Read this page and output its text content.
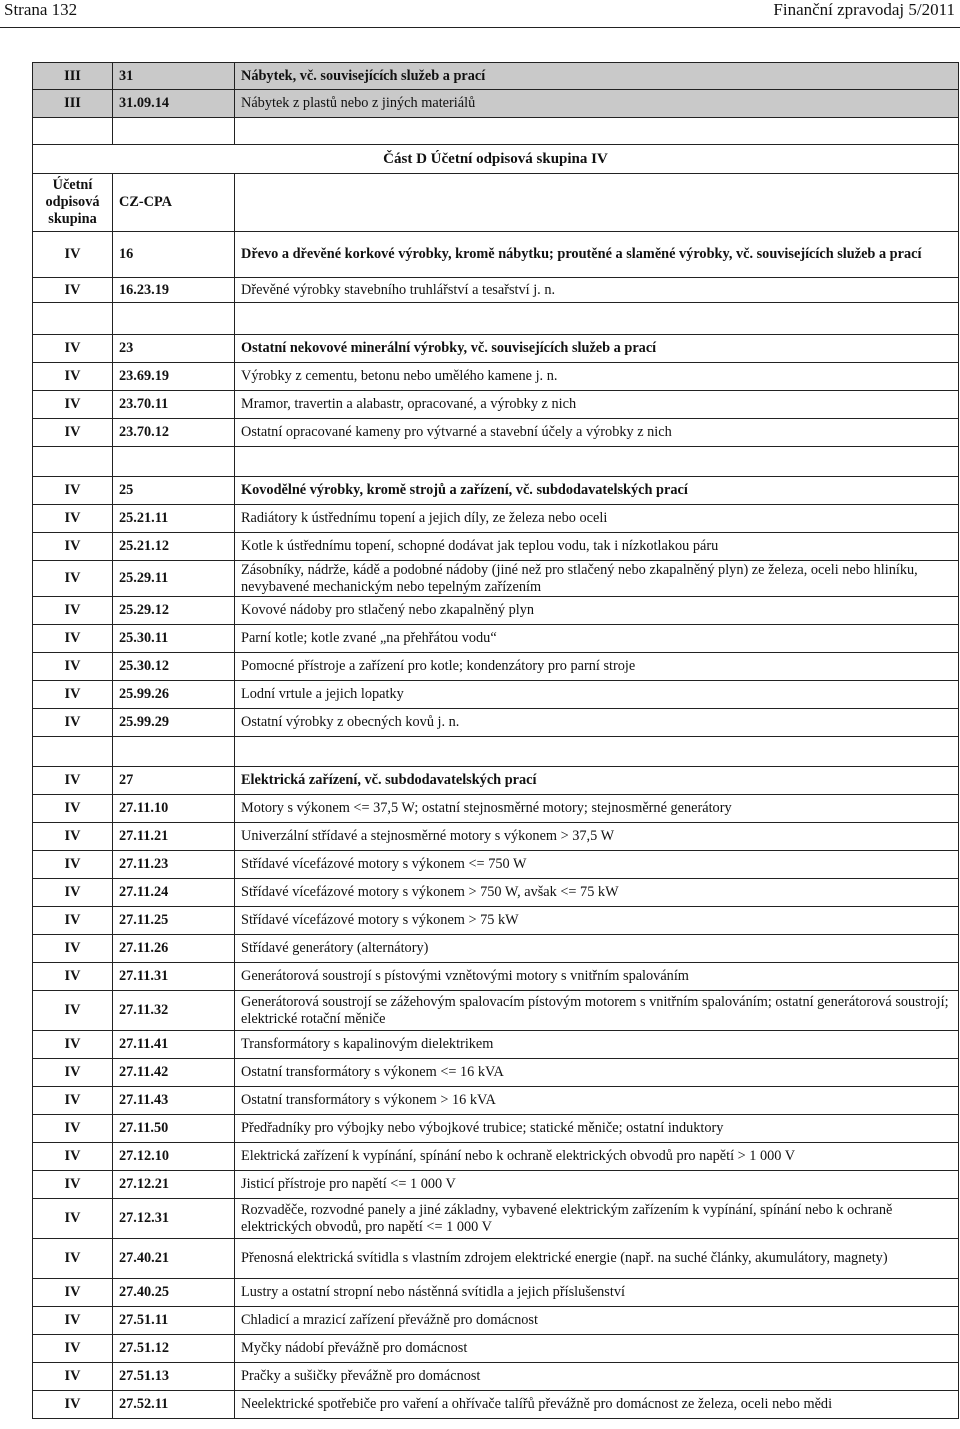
Strana 132	Finanční zpravodaj 5/2011
III	31	Nábytek, vč. souvisejících služeb a prací
III	31.09.14	Nábytek z plastů nebo z jiných materiálů

Část D Účetní odpisová skupina IV		
Účetní
odpisová
skupina	CZ-CPA	
IV	16	Dřevo a dřevěné korkové výrobky, kromě nábytku; proutěné a slaměné výrobky, vč. souvisejících služeb a prací
IV	16.23.19	Dřevěné výrobky stavebního truhlářství a tesařství j. n.

IV	23	Ostatní nekovové minerální výrobky, vč. souvisejících služeb a prací
IV	23.69.19	Výrobky z cementu, betonu nebo umělého kamene j. n.
IV	23.70.11	Mramor, travertin a alabastr, opracované, a výrobky z nich
IV	23.70.12	Ostatní opracované kameny pro výtvarné a stavební účely a výrobky z nich

IV	25	Kovodělné výrobky, kromě strojů a zařízení, vč. subdodavatelských prací
IV	25.21.11	Radiátory k ústřednímu topení a jejich díly, ze železa nebo oceli
IV	25.21.12	Kotle k ústřednímu topení, schopné dodávat jak teplou vodu, tak i nízkotlakou páru
IV	25.29.11	Zásobníky, nádrže, kádě a podobné nádoby (jiné než pro stlačený nebo zkapalněný plyn) ze železa, oceli nebo hliníku, nevybavené mechanickým nebo tepelným zařízením
IV	25.29.12	Kovové nádoby pro stlačený nebo zkapalněný plyn
IV	25.30.11	Parní kotle; kotle zvané „na přehřátou vodu“
IV	25.30.12	Pomocné přístroje a zařízení pro kotle; kondenzátory pro parní stroje
IV	25.99.26	Lodní vrtule a jejich lopatky
IV	25.99.29	Ostatní výrobky z obecných kovů j. n.

IV	27	Elektrická zařízení, vč. subdodavatelských prací
IV	27.11.10	Motory s výkonem <= 37,5 W; ostatní stejnosměrné motory; stejnosměrné generátory
IV	27.11.21	Univerzální střídavé a stejnosměrné motory s výkonem > 37,5 W
IV	27.11.23	Střídavé vícefázové motory s výkonem <= 750 W
IV	27.11.24	Střídavé vícefázové motory s výkonem > 750 W, avšak <= 75 kW
IV	27.11.25	Střídavé vícefázové motory s výkonem > 75 kW
IV	27.11.26	Střídavé generátory (alternátory)
IV	27.11.31	Generátorová soustrojí s pístovými vznětovými motory s vnitřním spalováním
IV	27.11.32	Generátorová soustrojí se zážehovým spalovacím pístovým motorem s vnitřním spalováním; ostatní generátorová soustrojí; elektrické rotační měniče
IV	27.11.41	Transformátory s kapalinovým dielektrikem
IV	27.11.42	Ostatní transformátory s výkonem <= 16 kVA
IV	27.11.43	Ostatní transformátory s výkonem > 16 kVA
IV	27.11.50	Předřadníky pro výbojky nebo výbojkové trubice; statické měniče; ostatní induktory
IV	27.12.10	Elektrická zařízení k vypínání, spínání nebo k ochraně elektrických obvodů pro napětí > 1 000 V
IV	27.12.21	Jisticí přístroje pro napětí <= 1 000 V
IV	27.12.31	Rozvaděče, rozvodné panely a jiné základny, vybavené elektrickým zařízením k vypínání, spínání nebo k ochraně elektrických obvodů, pro napětí <= 1 000 V
IV	27.40.21	Přenosná elektrická svítidla s vlastním zdrojem elektrické energie (např. na suché články, akumulátory, magnety)
IV	27.40.25	Lustry a ostatní stropní nebo nástěnná svítidla a jejich příslušenství
IV	27.51.11	Chladicí a mrazicí zařízení převážně pro domácnost
IV	27.51.12	Myčky nádobí převážně pro domácnost
IV	27.51.13	Pračky a sušičky převážně pro domácnost
IV	27.52.11	Neelektrické spotřebiče pro vaření a ohřívače talířů převážně pro domácnost ze železa, oceli nebo mědi
